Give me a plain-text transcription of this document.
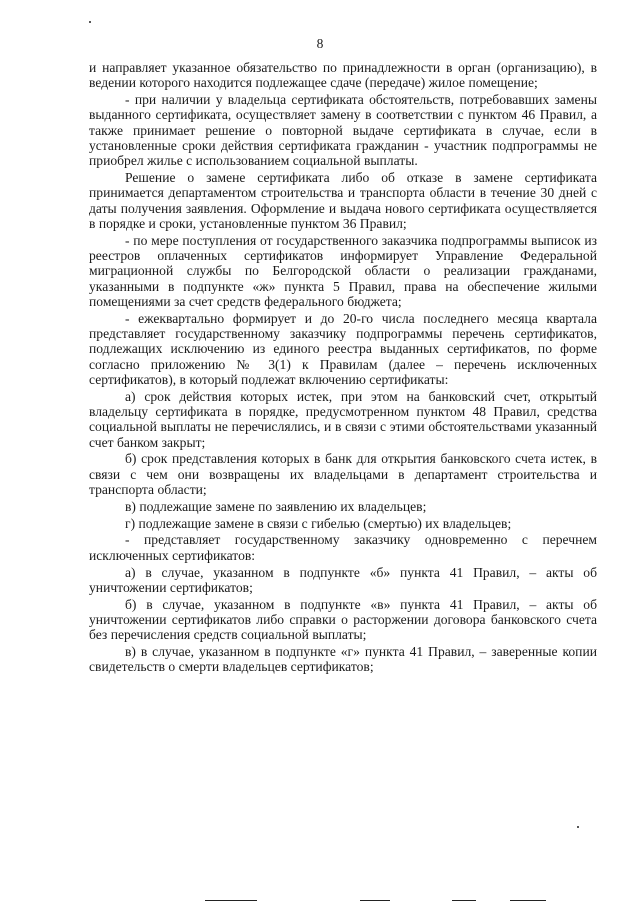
8

и направляет указанное обязательство по принадлежности в орган (организацию), в ведении которого находится подлежащее сдаче (передаче) жилое помещение;

- при наличии у владельца сертификата обстоятельств, потребовавших замены выданного сертификата, осуществляет замену в соответствии с пунктом 46 Правил, а также принимает решение о повторной выдаче сертификата в случае, если в установленные сроки действия сертификата гражданин - участник подпрограммы не приобрел жилье с использованием социальной выплаты.

Решение о замене сертификата либо об отказе в замене сертификата принимается департаментом строительства и транспорта области в течение 30 дней с даты получения заявления. Оформление и выдача нового сертификата осуществляется в порядке и сроки, установленные пунктом 36 Правил;

- по мере поступления от государственного заказчика подпрограммы выписок из реестров оплаченных сертификатов информирует Управление Федеральной миграционной службы по Белгородской области о реализации гражданами, указанными в подпункте «ж» пункта 5 Правил, права на обеспечение жилыми помещениями за счет средств федерального бюджета;

- ежеквартально формирует и до 20-го числа последнего месяца квартала представляет государственному заказчику подпрограммы перечень сертификатов, подлежащих исключению из единого реестра выданных сертификатов, по форме согласно приложению № 3(1) к Правилам (далее – перечень исключенных сертификатов), в который подлежат включению сертификаты:

а) срок действия которых истек, при этом на банковский счет, открытый владельцу сертификата в порядке, предусмотренном пунктом 48 Правил, средства социальной выплаты не перечислялись, и в связи с этими обстоятельствами указанный счет банком закрыт;

б) срок представления которых в банк для открытия банковского счета истек, в связи с чем они возвращены их владельцами в департамент строительства и транспорта области;

в) подлежащие замене по заявлению их владельцев;

г) подлежащие замене в связи с гибелью (смертью) их владельцев;

- представляет государственному заказчику одновременно с перечнем исключенных сертификатов:

а) в случае, указанном в подпункте «б» пункта 41 Правил, – акты об уничтожении сертификатов;

б) в случае, указанном в подпункте «в» пункта 41 Правил, – акты об уничтожении сертификатов либо справки о расторжении договора банковского счета без перечисления средств социальной выплаты;

в) в случае, указанном в подпункте «г» пункта 41 Правил, – заверенные копии свидетельств о смерти владельцев сертификатов;
